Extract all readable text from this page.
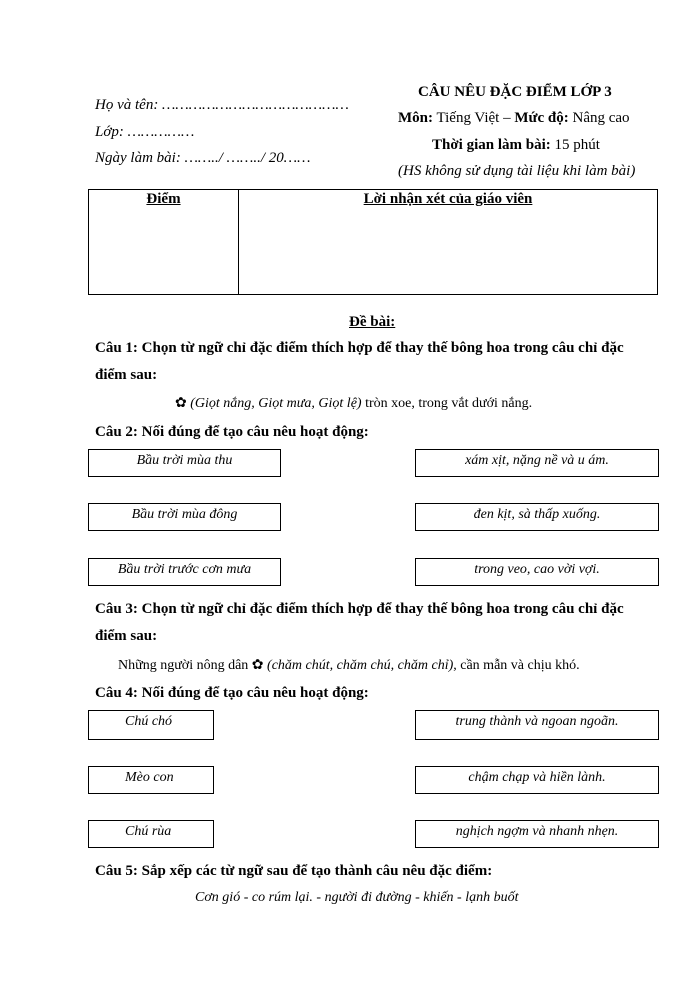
Họ và tên: ……………………………………
Lớp: ……………
Ngày làm bài: ……../ ……../ 20……
CÂU NÊU ĐẶC ĐIỂM LỚP 3
Môn: Tiếng Việt – Mức độ: Nâng cao
Thời gian làm bài: 15 phút
(HS không sử dụng tài liệu khi làm bài)
Điểm	Lời nhận xét của giáo viên
Đề bài:
Câu 1: Chọn từ ngữ chỉ đặc điểm thích hợp để thay thế bông hoa trong câu chỉ đặc
điểm sau:
✿ (Giọt nắng, Giọt mưa, Giọt lệ) tròn xoe, trong vắt dưới nắng.
Câu 2: Nối đúng để tạo câu nêu hoạt động:
Bầu trời mùa thu
Bầu trời mùa đông
Bầu trời trước cơn mưa
xám xịt, nặng nề và u ám.
đen kịt, sà thấp xuống.
trong veo, cao vời vợi.
Câu 3: Chọn từ ngữ chỉ đặc điểm thích hợp để thay thế bông hoa trong câu chỉ đặc
điểm sau:
Những người nông dân ✿ (chăm chút, chăm chú, chăm chỉ), cần mẫn và chịu khó.
Câu 4: Nối đúng để tạo câu nêu hoạt động:
Chú chó
Mèo con
Chú rùa
trung thành và ngoan ngoãn.
chậm chạp và hiền lành.
nghịch ngợm và nhanh nhẹn.
Câu 5: Sắp xếp các từ ngữ sau để tạo thành câu nêu đặc điểm:
Cơn gió - co rúm lại. - người đi đường - khiến - lạnh buốt
